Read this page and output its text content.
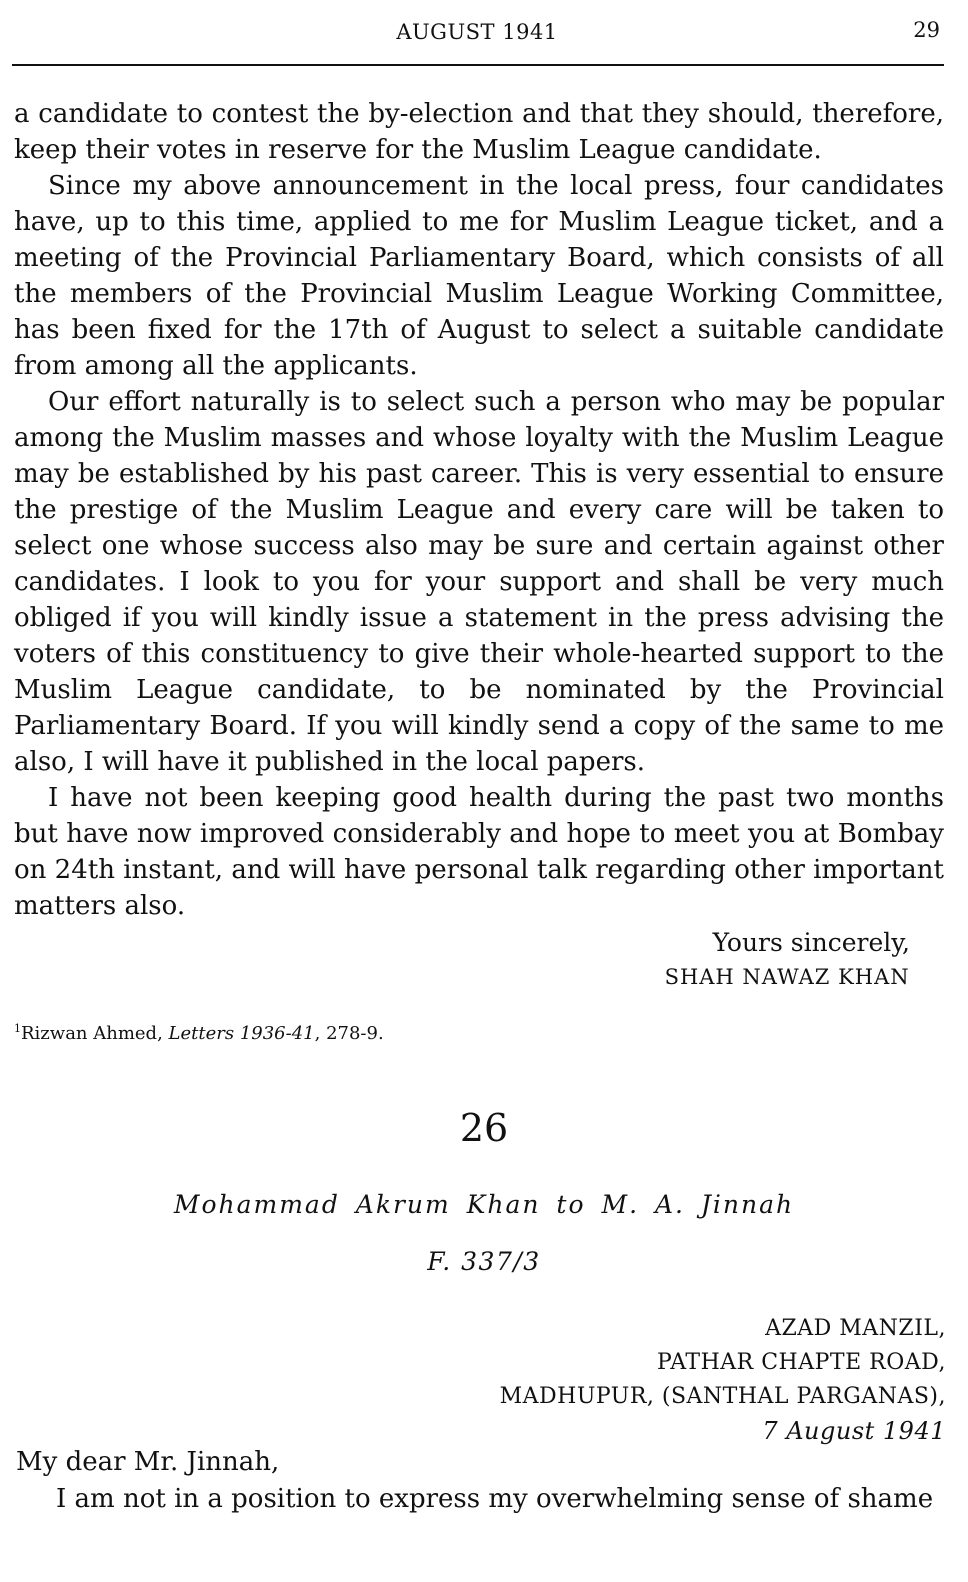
AUGUST 1941	29

a candidate to contest the by-election and that they should, therefore, keep their votes in reserve for the Muslim League candidate.

Since my above announcement in the local press, four candidates have, up to this time, applied to me for Muslim League ticket, and a meeting of the Provincial Parliamentary Board, which consists of all the members of the Provincial Muslim League Working Committee, has been fixed for the 17th of August to select a suitable candidate from among all the applicants.

Our effort naturally is to select such a person who may be popular among the Muslim masses and whose loyalty with the Muslim League may be established by his past career. This is very essential to ensure the prestige of the Muslim League and every care will be taken to select one whose success also may be sure and certain against other candidates. I look to you for your support and shall be very much obliged if you will kindly issue a statement in the press advising the voters of this constituency to give their whole-hearted support to the Muslim League candidate, to be nominated by the Provincial Parliamentary Board. If you will kindly send a copy of the same to me also, I will have it published in the local papers.

I have not been keeping good health during the past two months but have now improved considerably and hope to meet you at Bombay on 24th instant, and will have personal talk regarding other important matters also.

Yours sincerely,
SHAH NAWAZ KHAN
$^1$Rizwan Ahmed, Letters 1936-41, 278-9.
26
Mohammad Akrum Khan to M. A. Jinnah
F. 337/3
AZAD MANZIL,
PATHAR CHAPTE ROAD,
MADHUPUR, (SANTHAL PARGANAS),
7 August 1941
My dear Mr. Jinnah,
I am not in a position to express my overwhelming sense of shame
